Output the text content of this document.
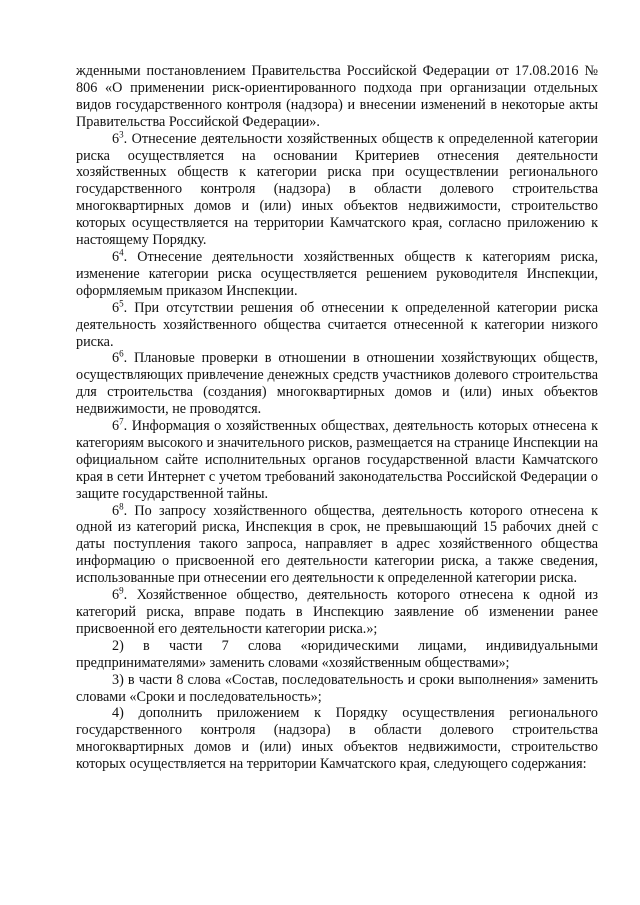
жденными постановлением Правительства Российской Федерации от 17.08.2016 № 806 «О применении риск-ориентированного подхода при организации отдельных видов государственного контроля (надзора) и внесении изменений в некоторые акты Правительства Российской Федерации».

$6^3$. Отнесение деятельности хозяйственных обществ к определенной категории риска осуществляется на основании Критериев отнесения деятельности хозяйственных обществ к категории риска при осуществлении регионального государственного контроля (надзора) в области долевого строительства многоквартирных домов и (или) иных объектов недвижимости, строительство которых осуществляется на территории Камчатского края, согласно приложению к настоящему Порядку.

$6^4$. Отнесение деятельности хозяйственных обществ к категориям риска, изменение категории риска осуществляется решением руководителя Инспекции, оформляемым приказом Инспекции.

$6^5$. При отсутствии решения об отнесении к определенной категории риска деятельность хозяйственного общества считается отнесенной к категории низкого риска.

$6^6$. Плановые проверки в отношении в отношении хозяйствующих обществ, осуществляющих привлечение денежных средств участников долевого строительства для строительства (создания) многоквартирных домов и (или) иных объектов недвижимости, не проводятся.

$6^7$. Информация о хозяйственных обществах, деятельность которых отнесена к категориям высокого и значительного рисков, размещается на странице Инспекции на официальном сайте исполнительных органов государственной власти Камчатского края в сети Интернет с учетом требований законодательства Российской Федерации о защите государственной тайны.

$6^8$. По запросу хозяйственного общества, деятельность которого отнесена к одной из категорий риска, Инспекция в срок, не превышающий 15 рабочих дней с даты поступления такого запроса, направляет в адрес хозяйственного общества информацию о присвоенной его деятельности категории риска, а также сведения, использованные при отнесении его деятельности к определенной категории риска.

$6^9$. Хозяйственное общество, деятельность которого отнесена к одной из категорий риска, вправе подать в Инспекцию заявление об изменении ранее присвоенной его деятельности категории риска.»;

2) в части 7 слова «юридическими лицами, индивидуальными предпринимателями» заменить словами «хозяйственным обществами»;

3) в части 8 слова «Состав, последовательность и сроки выполнения» заменить словами «Сроки и последовательность»;

4) дополнить приложением к Порядку осуществления регионального государственного контроля (надзора) в области долевого строительства многоквартирных домов и (или) иных объектов недвижимости, строительство которых осуществляется на территории Камчатского края, следующего содержания:
